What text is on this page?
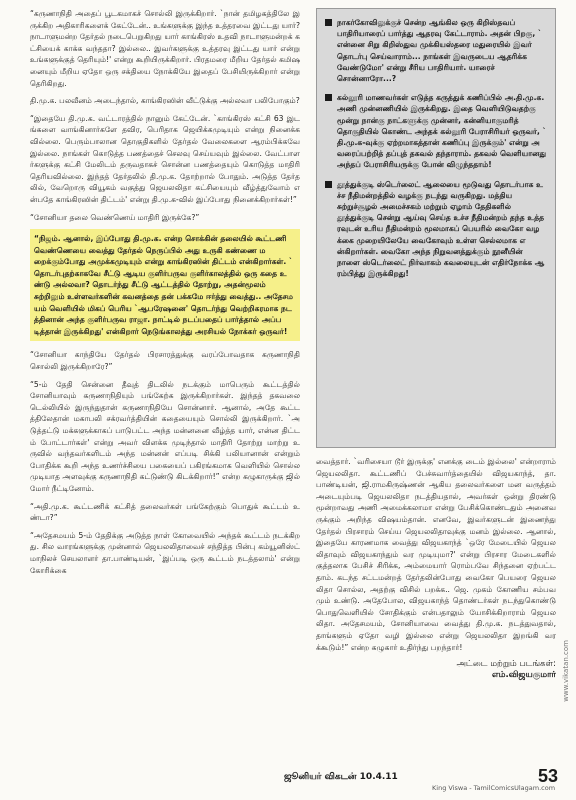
“கருணாநிதி அதைப் பூடகமாகச் சொல்லி இருக்கிறார். `நான் தமிழகத்திலே இருக்கிற அதிகாரிகளைக் கேட்டேன்.. உங்களுக்கு இந்த உத்தரவை இட்டது யார்? நாடாளுமன்ற தேர்தல் நடைபெறுகிறது யார் காங்கிரஸ் உதவி நாடாளுமன்றக் கட்சியைக் காக்க வந்ததா? இல்லை.. இவர்களுக்கு உத்தரவு இட்டது யார் என்று உங்களுக்குத் தெரியும்!' என்று கூறியிருக்கிறார். பிரதமரை மீறிய தேர்தல் கமிஷனையும் மீறிய ஏதோ ஒரு சக்தியை நோக்கியே இதைப் பேசியிருக்கிறார் என்று தெரிகிறது.

தி.மு.க. பலவீனம் அடைந்தால், காங்கிரஸின் வீட்டுக்கு அல்லவா பலிபோகும்?

“இதையே தி.மு.க. வட்டாரத்தில் நானும் கேட்டேன். `காங்கிரஸ் கட்சி 63 இடங்களை வாங்கினார்களே தவிர, பெரிதாக ஜெயிக்கமுடியும் என்று நினைக்கவில்லை. பெரும்பாலான தொகுதிகளில் தேர்தல் வேலைகளை ஆரம்பிக்கவே இல்லை. நாங்கள் கொடுத்த பணத்தைச் செலவு செய்யவும் இல்லை. வேட்பாளர்களுக்கு கட்சி மேலிடம் தருவதாகச் சொன்ன பணத்தையும் கொடுத்த மாதிரி தெரியவில்லை. இந்தத் தேர்தலில் தி.மு.க. தோற்றால் போதும். அடுத்த தேர்தலில், வேறொரு வியூகம் வகுத்து ஜெயலலிதா கட்சியையும் வீழ்த்துவோம் என்பதே காங்கிரஸின் திட்டம்' என்று தி.மு.க-வில் இப்போது நினைக்கிறார்கள்!”

“சோனியா தலை வெண்ணெய் மாதிரி இருக்கே?”

“நிஜம். ஆனால், இப்போது தி.மு.க. என்ற சொக்கின் தலையில் கூட்டணி வெண்ணெயை வைத்து தேர்தல் நெருப்பில் அது உருகி கண்ணை மறைக்கும்போது அமுக்கமுடியும் என்று காங்கிரஸின் திட்டம் என்கிறார்கள். `தொடர்புதற்காகவே சீட்டு ஆடிய குளிர்பருவ குளிர்காலத்தில் ஒரு கதை உண்டு அல்லவா? தொடர்ந்து சீட்டு ஆட்டத்தில் தோற்று, அதன்மூலம் சுற்றிலும் உள்ளவர்களின் கவனத்தை தன் பக்கமே ஈர்த்து வைத்து.. அதேசமயம் வெளியில் மிகப் பெரிய `ஆபரேஷனை' தொடர்ந்து வெற்றிகரமாக நடத்தினான் அந்த குளிர்பருவ ராஜா. நாட்டில் நடப்பதைப் பார்த்தால் அப்படித்தான் இருக்கிறது' என்கிறார் நெடுங்காலத்து அரசியல் நோக்கர் ஒருவர்!

“சோனியா காந்தியே தேர்தல் பிரசாரத்துக்கு வரப்போவதாக கருணாநிதி சொல்லி இருக்கிறாரே?”

“5-ம் தேதி சென்னை தீவுத் திடலில் நடக்கும் மாபெரும் கூட்டத்தில் சோனியாவும் கருணாநிதியும் பங்கேற்க இருக்கிறார்கள். இந்தத் தகவலை டெல்லியில் இருந்துதான் கருணாநிதியே சொன்னார். ஆனால், அதே கூட்டத்திலேதான் மகாபலி சக்ரவர்த்தியின் கதையையும் சொல்லி இருக்கிறார். `அடுத்தட்டு மக்களுக்காகப் பாடுபட்ட அந்த மன்னனை வீழ்த்த யார், என்ன திட்டம் போட்டார்கள்' என்று அவர் விளக்க முடிந்தால் மாதிரி தோற்று மாற்று உருவில் வந்தவர்களிடம் அந்த மன்னன் எப்படி சிக்கி பலியானான் என்றும் போதிக்க கூறி அந்த உணர்ச்சியை பகையைப் பகிரங்கமாக வெளியில் சொல்ல முடியாத அளவுக்கு கருணாநிதி கட்டுண்டு கிடக்கிறார்!” என்ற கழுகாருக்கு ஜில் மோர் நீட்டினோம்.

“அதி.மு.க. கூட்டணிக் கட்சித் தலைவர்கள் பங்கேற்கும் பொதுக் கூட்டம் உண்டா?”

“அதேசமயம் 5-ம் தேதிக்கு அடுத்த நாள் கோவையில் அந்தக் கூட்டம் நடக்கிறது. சில வாரங்களுக்கு முன்னால் ஜெயலலிதாவைச் சந்தித்த பின்பு கம்யூனிஸ்ட் மாநிலச் செயலாளர் தா.பாண்டியன், `இப்படி ஒரு கூட்டம் நடத்தலாம்' என்று கோரிக்கை

நாகர்கோவிலுக்குச் சென்ற ஆங்கில ஒரு கிறிஸ்தவப் பாதிரியாரைப் பார்த்து ஆதரவு கேட்டாராம். அதன் பிறகு, `என்னை சிறு கிறிஸ்துவ முக்கியஸ்தரை மதுரையில் இவர் தொடர்பு செய்வாராம்... நாங்கள் இவருடைய ஆதரிக்க வேண்டுமோ' என்று சீரிய பாதிரியார். யாரைச் சொன்னாரோ...?
கல்லூரி மாணவர்கள் எடுத்த கருத்துக் கணிப்பில் அ.தி.மு.க. அணி முன்னணியில் இருக்கிறது. இதை வெளியிடுவதற்கு மூன்று நான்கு நாட்களுக்கு முன்னர், கன்னியாகுமரித் தொகுதியில் கொண்ட அந்தக் கல்லூரி பேராசிரியர் ஒருவர், `தி.மு.க-வுக்கு ஏற்றமாகத்தான் கணிப்பு இருக்கும்' என்று அவரைப்பற்றித் தப்புத் தகவல் தந்தாராம். தகவல் வெளியானது அந்தப் பேராசிரியருக்கு போன் விழுந்ததாம்!
தூத்துக்குடி ஸ்டெர்லைட் ஆலையை மூடுவது தொடர்பாக உச்ச நீதிமன்றத்தில் வழக்கு நடந்து வருகிறது. மத்திய சுற்றுச்சூழல் அமைச்சகம் மற்றும் ஏழாம் தேதிகளில் தூத்துக்குடி சென்று ஆய்வு செய்த உச்ச நீதிமன்றம் தந்த உத்தரவுடன் உரிய நீதிமன்றம் மூலமாகப் பெயரில் வைகோ வழக்கை முறையிலேயே வைகோவும் உள்ள செல்லமாக என்கிறார்கள். வைகோ அந்த நிறுவனத்துக்கும் நூனீயின் நாளை ஸ்டெர்லைட் நிர்வாகம் கவலையுடன் எதிர்நோக்க ஆரம்பித்து இருக்கிறது!

வைத்தார். `வரிசையா டூர் இருக்கு' எனக்கு டைம் இல்லை' என்றாராம் ஜெயலலிதா. கூட்டணிப் பேச்சுவார்த்தையில் விஜயகாந்த், தா.பாண்டியன், ஜி.ராமகிருஷ்ணன் ஆகிய தலைவர்களை மன வருத்தம் அடையும்படி ஜெயலலிதா நடத்தியதால், அவர்கள் ஒன்று திரண்டு மூன்றாவது அணி அமைக்கலாமா என்று பேசிக்கொண்டதும் அனைவருக்கும் அறிந்த விஷயம்தான். எனவே, இவர்களுடன் இணைந்து தேர்தல் பிரசாரம் செய்ய ஜெயலலிதாவுக்கு மனம் இல்லை. ஆனால், இதையே காரணமாக வைத்து விஜயகாந்த் `ஒரே மேடையில் ஜெயலலிதாவும் விஜயகாந்தும் வர முடியுமா?' என்று பிரசார மேடைகளில் குத்தலாக பேசிச் சிரிக்க, அம்மையார் ரொம்பவே சிந்தனை ஏற்பட்டதாம். கடந்த சட்டமன்றத் தேர்தலின்போது வைகோ பெயரை ஜெயலலிதா சொல்ல, அதற்கு விசில் பறக்க.. ஜெ. முகம் கோணிய சம்பவமும் உண்டு. அதேபோல, விஜயகாந்த் தொண்டர்கள் நடந்துகொண்டு பொதுவெளியில் சோதிக்கும் என்பதாலும் யோசிக்கிறாராம் ஜெயலலிதா. அதேசமயம், சோனியாவை வைத்து தி.மு.க. நடத்துவதால், தாங்களும் ஏதோ வழி இல்லை என்று ஜெயலலிதா இறங்கி வரக்கூடும்!” என்ற கழுகார் உதிர்ந்து பறந்தார்!

அட்டை மற்றும் படங்கள்:
எம்.விஜயகுமார் www.vikatan.com
ஜூனியர் விகடன் 10.4.11	53
King Viswa - TamilComicsUlagam.com
